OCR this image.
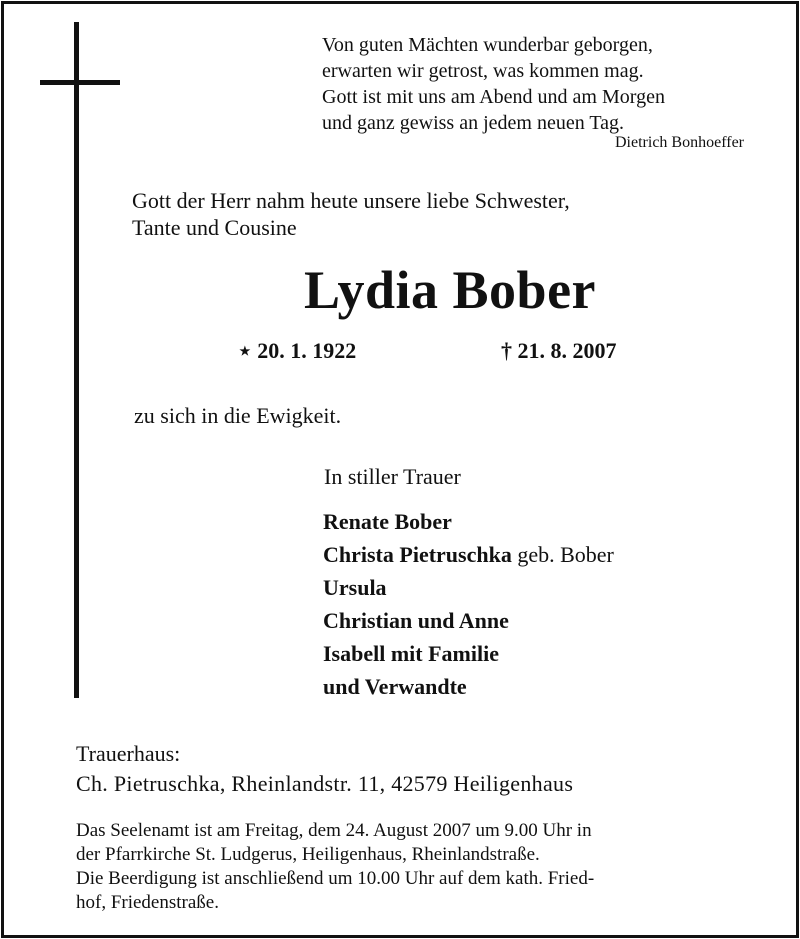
Von guten Mächten wunderbar geborgen,
erwarten wir getrost, was kommen mag.
Gott ist mit uns am Abend und am Morgen
und ganz gewiss an jedem neuen Tag.
Dietrich Bonhoeffer
Gott der Herr nahm heute unsere liebe Schwester,
Tante und Cousine
Lydia Bober
⋆ 20. 1. 1922	† 21. 8. 2007
zu sich in die Ewigkeit.
In stiller Trauer
Renate Bober
Christa Pietruschka geb. Bober
Ursula
Christian und Anne
Isabell mit Familie
und Verwandte
Trauerhaus:
Ch. Pietruschka, Rheinlandstr. 11, 42579 Heiligenhaus
Das Seelenamt ist am Freitag, dem 24. August 2007 um 9.00 Uhr in
der Pfarrkirche St. Ludgerus, Heiligenhaus, Rheinlandstraße.
Die Beerdigung ist anschließend um 10.00 Uhr auf dem kath. Fried-
hof, Friedenstraße.
